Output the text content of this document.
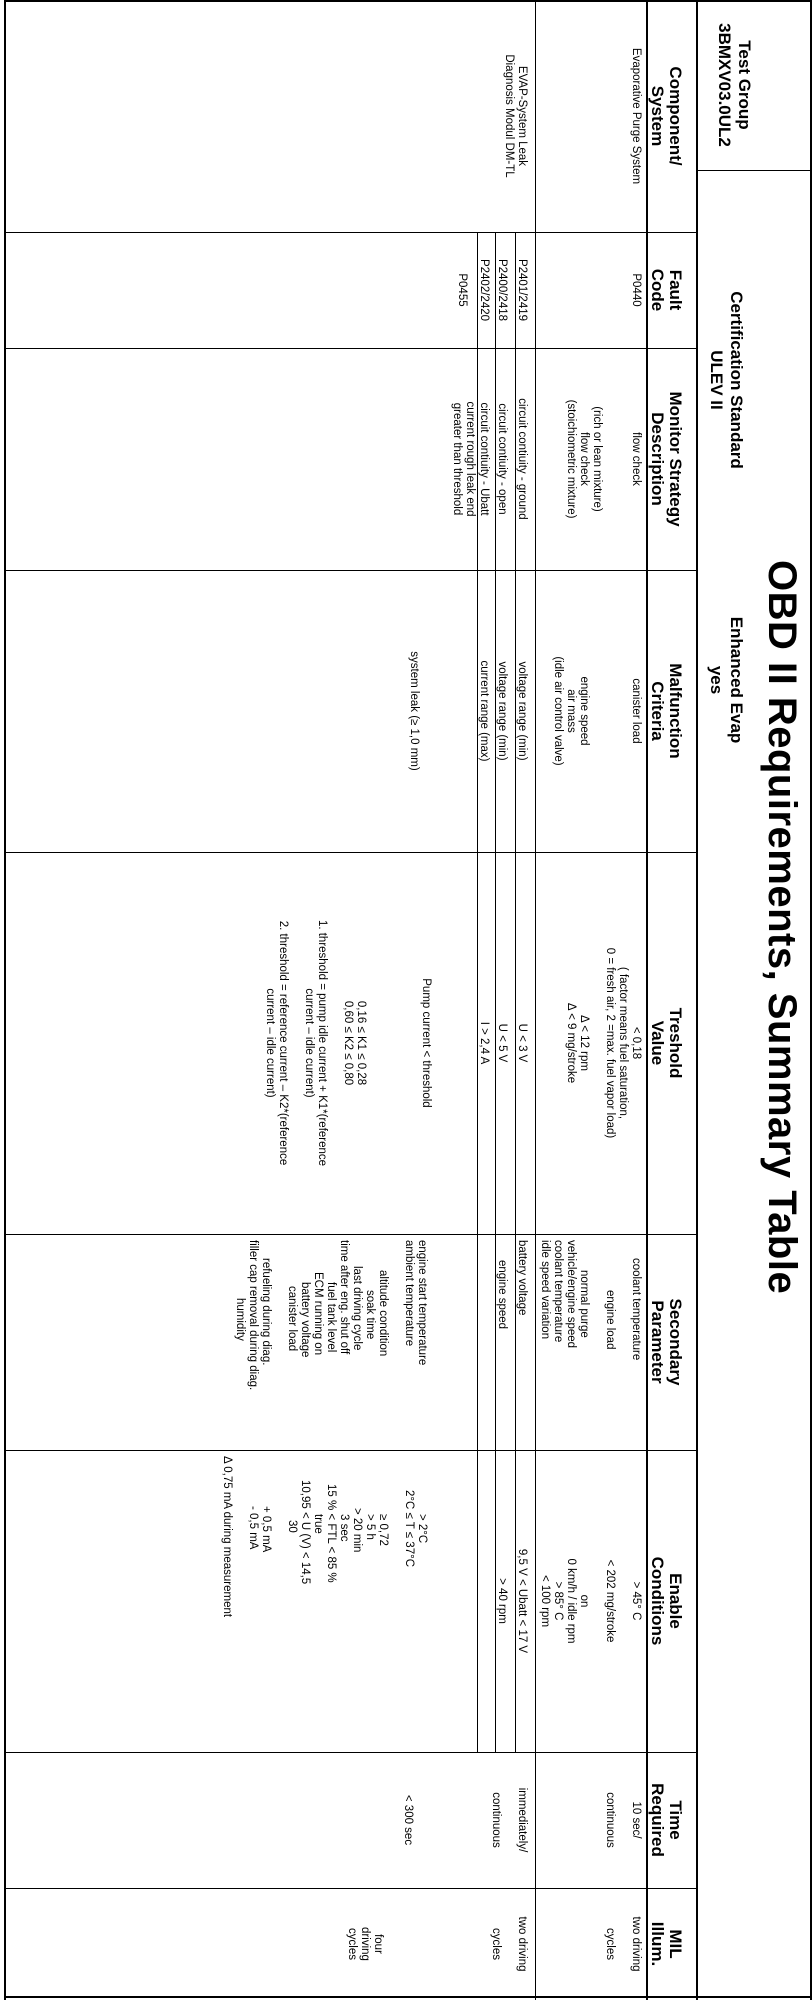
OBD II Requirements, Summary Table
Test Group
3BMXV03.0UL2
Certification Standard
ULEV II
Enhanced Evap
yes
Component/
System
Fault
Code
Monitor Strategy
Description
Malfunction
Criteria
Treshold
Value
Secondary
Parameter
Enable
Conditions
Time
Required
MIL
Illum.
Evaporative Purge System
P0440
flow check

(rich or lean mixture)
flow check
(stoichiometric mixture)
canister load

engine speed
air mass
(idle air control valve)
< 0,18
( factor means fuel saturation,
0 = fresh air, 2 =max. fuel vapor load)

Δ < 12 rpm
Δ < 9 mg/stroke
coolant temperature

engine load

normal purge
vehicle/engine speed
coolant temperature
idle speed variation
> 45° C

< 202 mg/stroke

on
0 km/h / idle rpm
> 85° C
< 100 rpm
10 sec/

continuous
two driving

cycles
EVAP-System Leak
Diagnosis Modul DM-TL
P2401/2419
P2400/2418
P2402/2420
P0455
circuit contiuity - ground
circuit contiuity - open
circuit contiuity - Ubatt
current rough leak end
greater than threshold
voltage range (min)
voltage range (min)
current range (max)
system leak (≥ 1,0 mm)
U < 3 V
U < 5 V
I > 2,4 A
Pump current < threshold

0,16 ≤ K1 ≤ 0,28
0,60 ≤ K2 ≤ 0,80

1. threshold = pump idle current + K1*(reference
current – idle current)

2. threshold = reference current – K2*(reference
current – idle current)
battery voltage
engine speed
engine start temperature
ambient temperature

altitude condition
soak time
last driving cycle
time after eng. shut off
fuel tank level
ECM running on
battery voltage
canister load

refueling during diag.
filler cap removal during diag.
humidity
9,5 V < Ubatt < 17 V
> 40 rpm
> 2°C
2°C ≤ T ≤ 37°C

≥ 0,72
> 5 h
> 20 min
3 sec
15 % < FTL < 85 %
true
10,95 < U (V) < 14,5
30

+ 0,5 mA
- 0,5 mA

Δ 0,75 mA during measurement
immediately/

continuous
< 300 sec
two driving

cycles
four
driving
cycles
